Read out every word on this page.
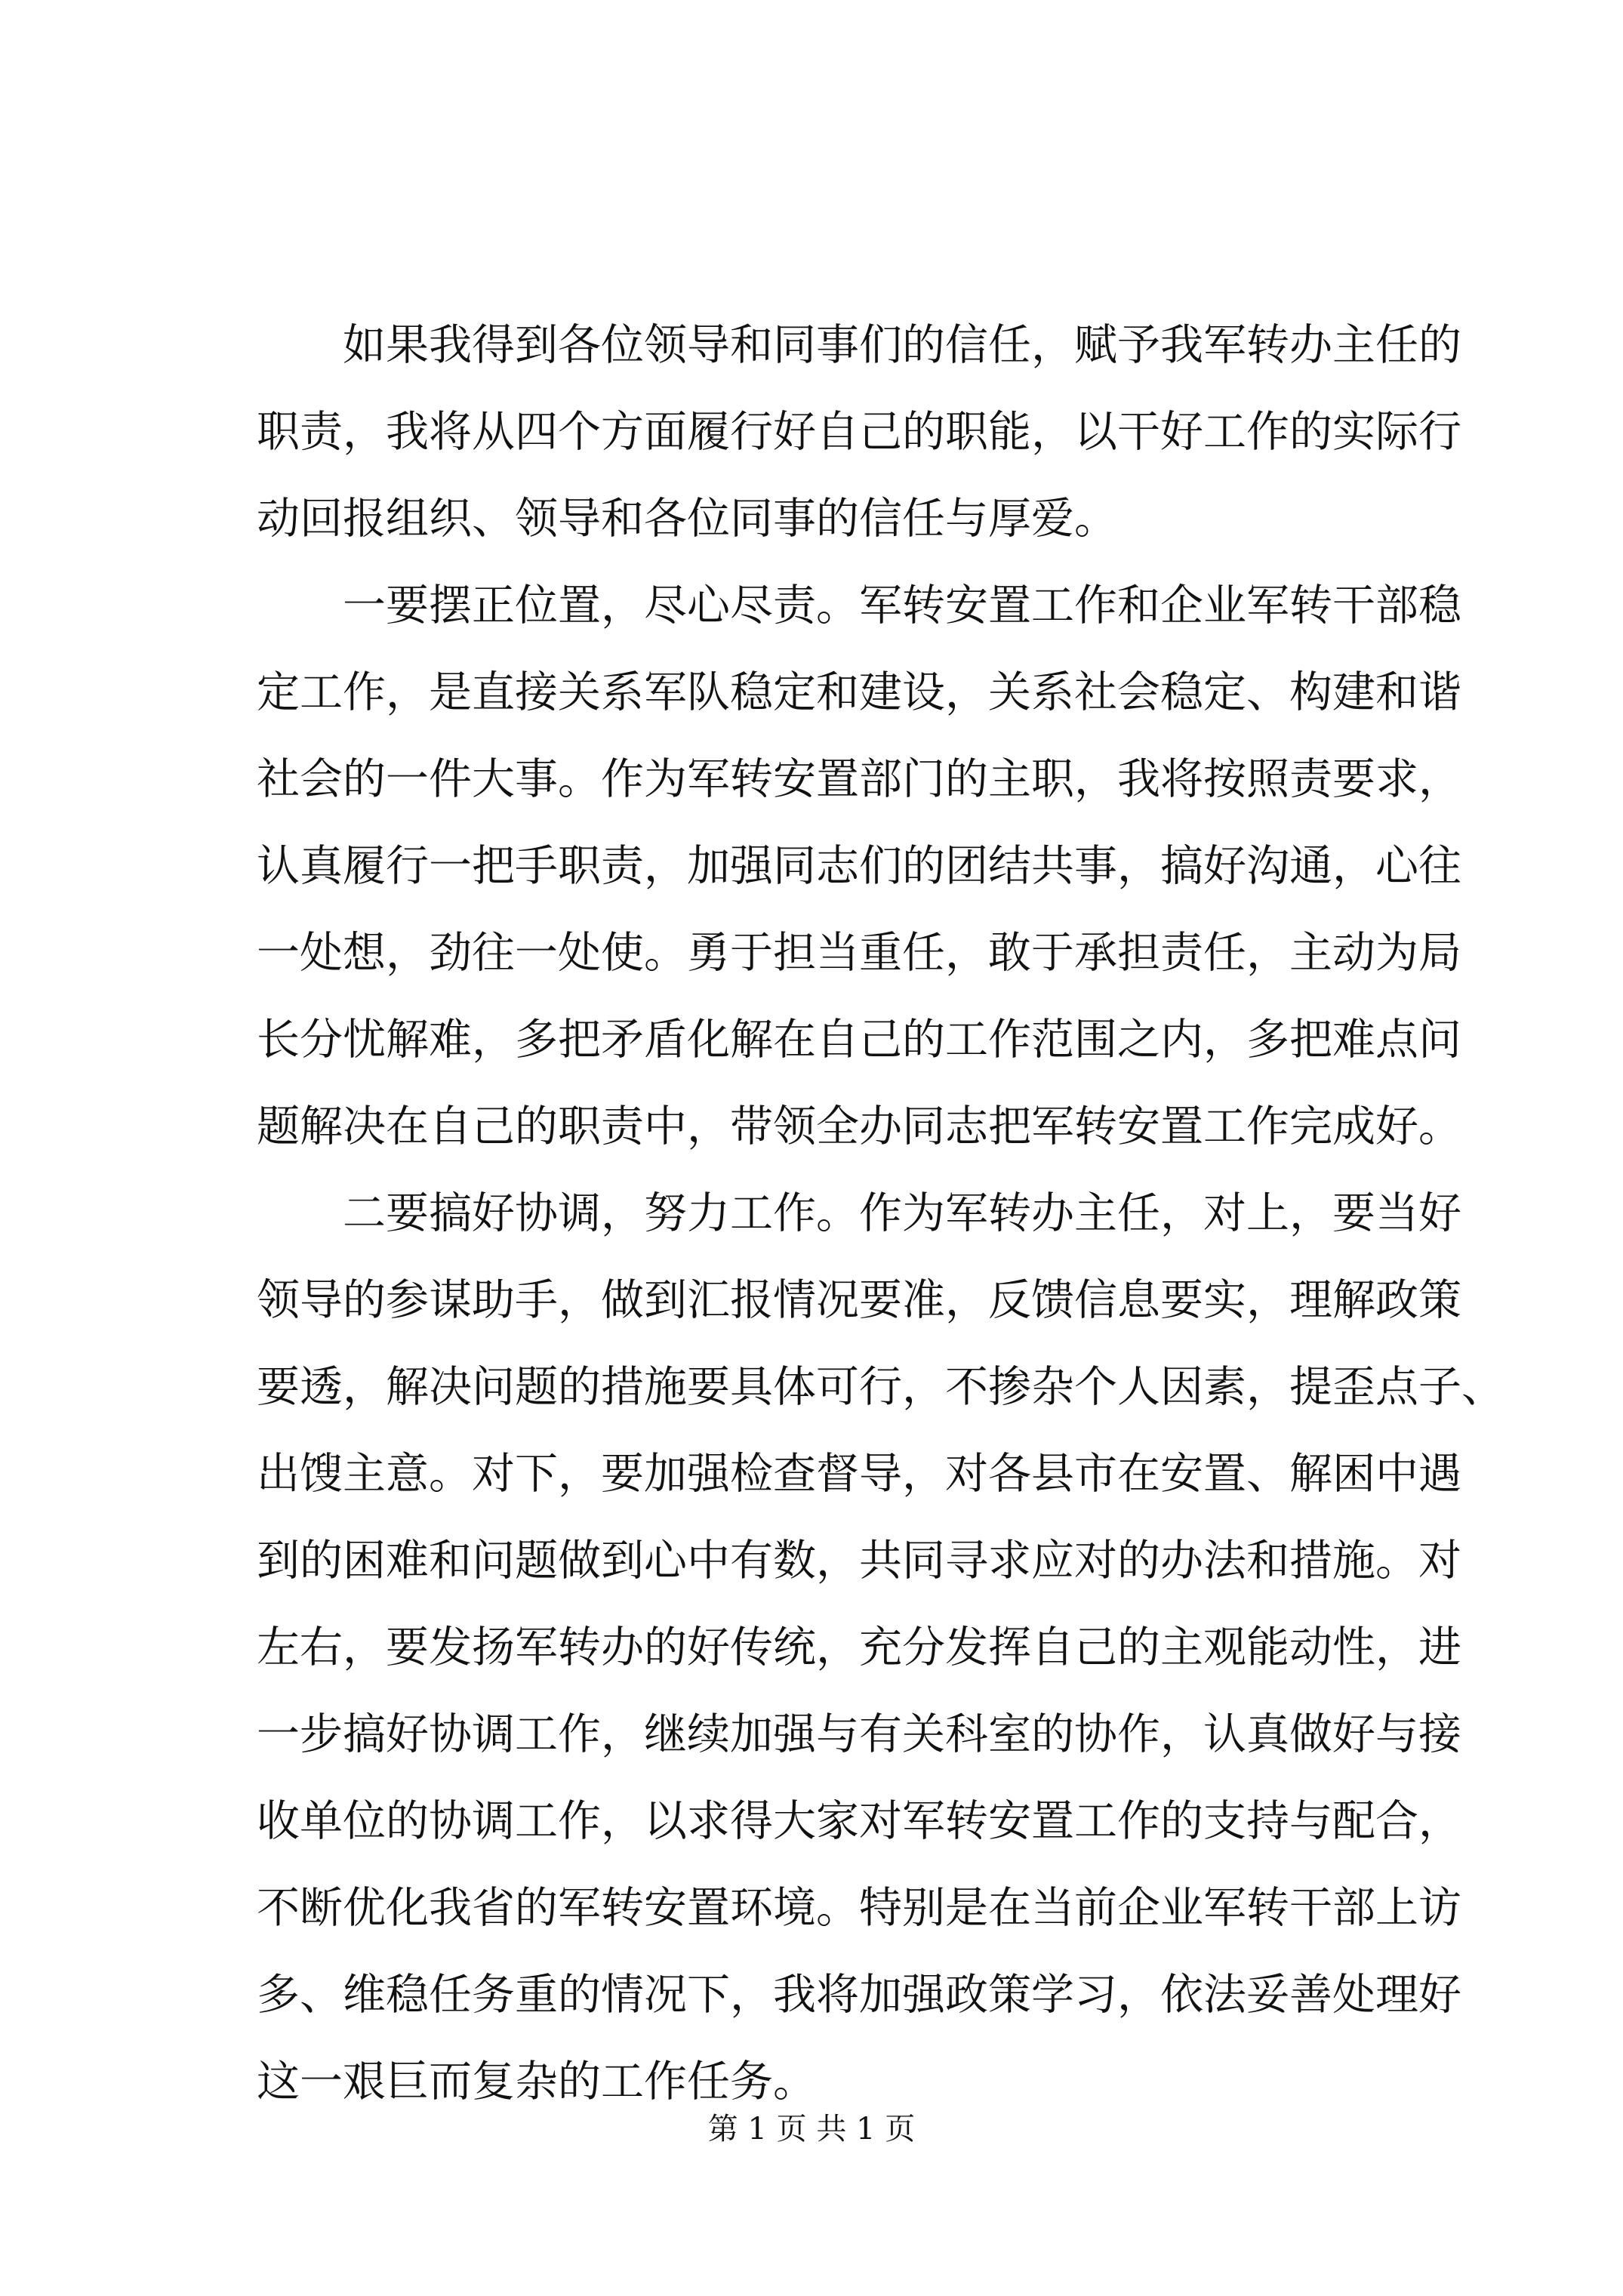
如果我得到各位领导和同事们的信任，赋予我军转办主任的
职责，我将从四个方面履行好自己的职能，以干好工作的实际行
动回报组织、领导和各位同事的信任与厚爱。
一要摆正位置，尽心尽责。军转安置工作和企业军转干部稳
定工作，是直接关系军队稳定和建设，关系社会稳定、构建和谐
社会的一件大事。作为军转安置部门的主职，我将按照责要求，
认真履行一把手职责，加强同志们的团结共事，搞好沟通，心往
一处想，劲往一处使。勇于担当重任，敢于承担责任，主动为局
长分忧解难，多把矛盾化解在自己的工作范围之内，多把难点问
题解决在自己的职责中，带领全办同志把军转安置工作完成好。
二要搞好协调，努力工作。作为军转办主任，对上，要当好
领导的参谋助手，做到汇报情况要准，反馈信息要实，理解政策
要透，解决问题的措施要具体可行，不掺杂个人因素，提歪点子、
出馊主意。对下，要加强检查督导，对各县市在安置、解困中遇
到的困难和问题做到心中有数，共同寻求应对的办法和措施。对
左右，要发扬军转办的好传统，充分发挥自己的主观能动性，进
一步搞好协调工作，继续加强与有关科室的协作，认真做好与接
收单位的协调工作，以求得大家对军转安置工作的支持与配合，
不断优化我省的军转安置环境。特别是在当前企业军转干部上访
多、维稳任务重的情况下，我将加强政策学习，依法妥善处理好
这一艰巨而复杂的工作任务。
第 1 页 共 1 页
